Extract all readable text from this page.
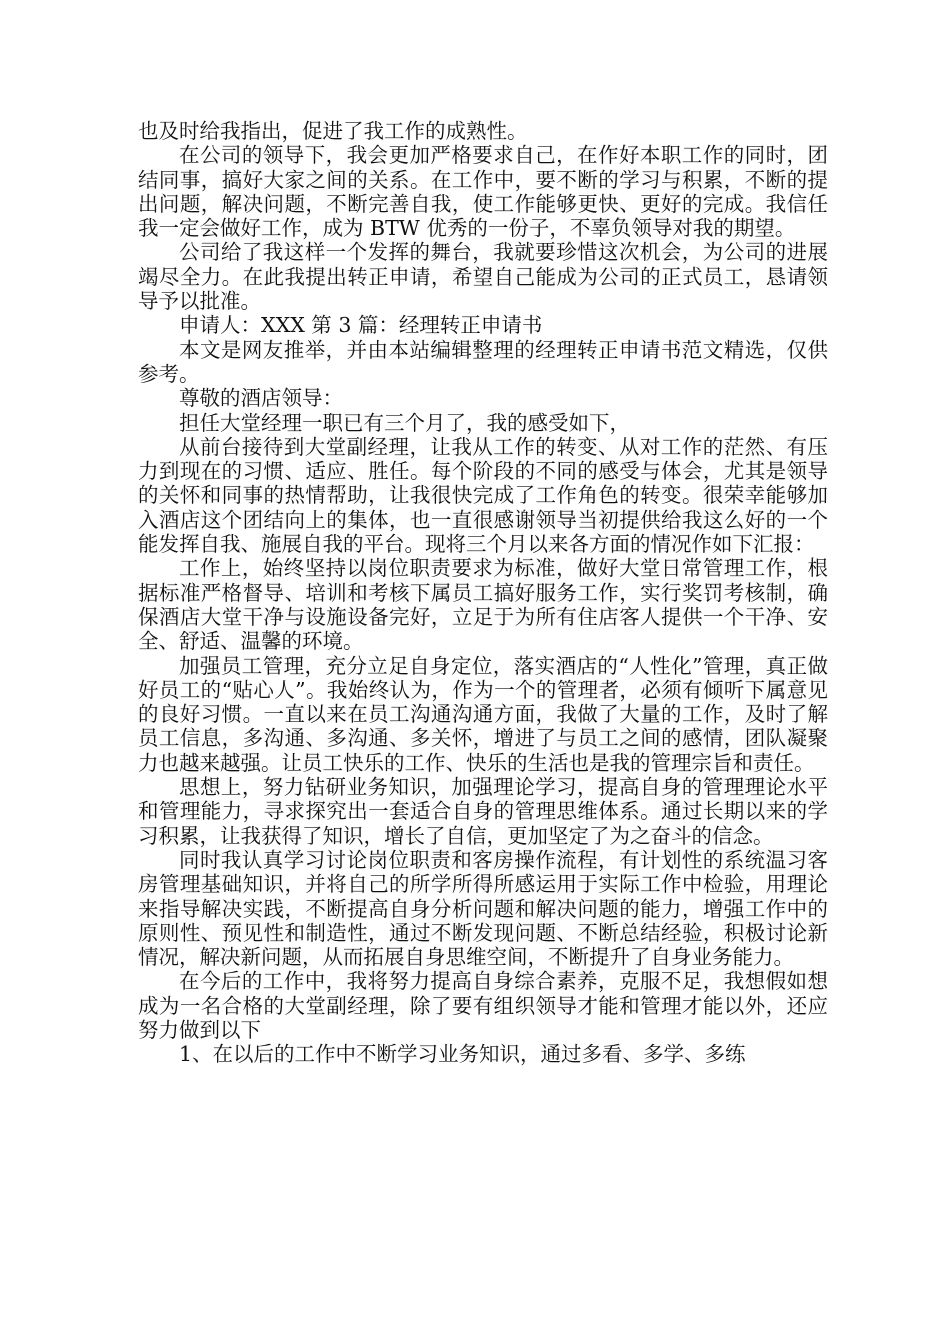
也及时给我指出，促进了我工作的成熟性。

在公司的领导下，我会更加严格要求自己，在作好本职工作的同时，团结同事，搞好大家之间的关系。在工作中，要不断的学习与积累，不断的提出问题，解决问题，不断完善自我，使工作能够更快、更好的完成。我信任我一定会做好工作，成为 BTW 优秀的一份子，不辜负领导对我的期望。

公司给了我这样一个发挥的舞台，我就要珍惜这次机会，为公司的进展竭尽全力。在此我提出转正申请，希望自己能成为公司的正式员工，恳请领导予以批准。

申请人：XXX 第 3 篇：经理转正申请书

本文是网友推举，并由本站编辑整理的经理转正申请书范文精选，仅供参考。

尊敬的酒店领导：

担任大堂经理一职已有三个月了，我的感受如下，

从前台接待到大堂副经理，让我从工作的转变、从对工作的茫然、有压力到现在的习惯、适应、胜任。每个阶段的不同的感受与体会，尤其是领导的关怀和同事的热情帮助，让我很快完成了工作角色的转变。很荣幸能够加入酒店这个团结向上的集体，也一直很感谢领导当初提供给我这么好的一个能发挥自我、施展自我的平台。现将三个月以来各方面的情况作如下汇报：

工作上，始终坚持以岗位职责要求为标准，做好大堂日常管理工作，根据标准严格督导、培训和考核下属员工搞好服务工作，实行奖罚考核制，确保酒店大堂干净与设施设备完好，立足于为所有住店客人提供一个干净、安全、舒适、温馨的环境。

加强员工管理，充分立足自身定位，落实酒店的“人性化”管理，真正做好员工的“贴心人”。我始终认为，作为一个的管理者，必须有倾听下属意见的良好习惯。一直以来在员工沟通沟通方面，我做了大量的工作，及时了解员工信息，多沟通、多沟通、多关怀，增进了与员工之间的感情，团队凝聚力也越来越强。让员工快乐的工作、快乐的生活也是我的管理宗旨和责任。

思想上，努力钻研业务知识，加强理论学习，提高自身的管理理论水平和管理能力，寻求探究出一套适合自身的管理思维体系。通过长期以来的学习积累，让我获得了知识，增长了自信，更加坚定了为之奋斗的信念。

同时我认真学习讨论岗位职责和客房操作流程，有计划性的系统温习客房管理基础知识，并将自己的所学所得所感运用于实际工作中检验，用理论来指导解决实践，不断提高自身分析问题和解决问题的能力，增强工作中的原则性、预见性和制造性，通过不断发现问题、不断总结经验，积极讨论新情况，解决新问题，从而拓展自身思维空间，不断提升了自身业务能力。

在今后的工作中，我将努力提高自身综合素养，克服不足，我想假如想成为一名合格的大堂副经理，除了要有组织领导才能和管理才能以外，还应努力做到以下

1、在以后的工作中不断学习业务知识，通过多看、多学、多练
